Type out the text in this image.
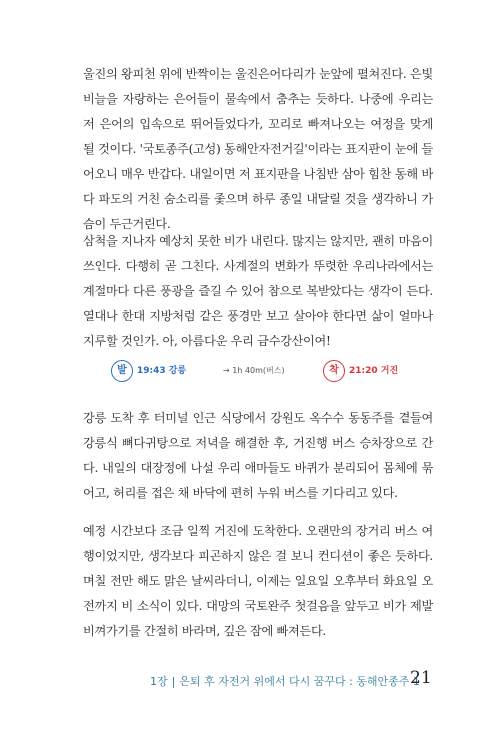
울진의 왕피천 위에 반짝이는 울진은어다리가 눈앞에 펼쳐진다. 은빛 비늘을 자랑하는 은어들이 물속에서 춤추는 듯하다. 나중에 우리는 저 은어의 입속으로 뛰어들었다가, 꼬리로 빠져나오는 여정을 맞게 될 것이다. '국토종주(고성) 동해안자전거길'이라는 표지판이 눈에 들어오니 매우 반갑다. 내일이면 저 표지판을 나침반 삼아 힘찬 동해 바다 파도의 거친 숨소리를 좇으며 하루 종일 내달릴 것을 생각하니 가슴이 두근거린다.

삼척을 지나자 예상치 못한 비가 내린다. 많지는 않지만, 괜히 마음이 쓰인다. 다행히 곧 그친다. 사계절의 변화가 뚜렷한 우리나라에서는 계절마다 다른 풍광을 즐길 수 있어 참으로 복받았다는 생각이 든다. 열대나 한대 지방처럼 같은 풍경만 보고 살아야 한다면 삶이 얼마나 지루할 것인가. 아, 아름다운 우리 금수강산이여!

발	19:43 강릉	→ 1h 40m(버스)	착	21:20 거진

강릉 도착 후 터미널 인근 식당에서 강원도 옥수수 동동주를 곁들여 강릉식 뼈다귀탕으로 저녁을 해결한 후, 거진행 버스 승차장으로 간다. 내일의 대장정에 나설 우리 애마들도 바퀴가 분리되어 몸체에 묶어고, 허리를 접은 채 바닥에 편히 누워 버스를 기다리고 있다.

예정 시간보다 조금 일찍 거진에 도착한다. 오랜만의 장거리 버스 여행이었지만, 생각보다 피곤하지 않은 걸 보니 컨디션이 좋은 듯하다. 며칠 전만 해도 맑은 날씨라더니, 이제는 일요일 오후부터 화요일 오전까지 비 소식이 있다. 대망의 국토완주 첫걸음을 앞두고 비가 제발 비껴가기를 간절히 바라며, 깊은 잠에 빠져든다.

1장 | 은퇴 후 자전거 위에서 다시 꿈꾸다 : 동해안종주 1
21
